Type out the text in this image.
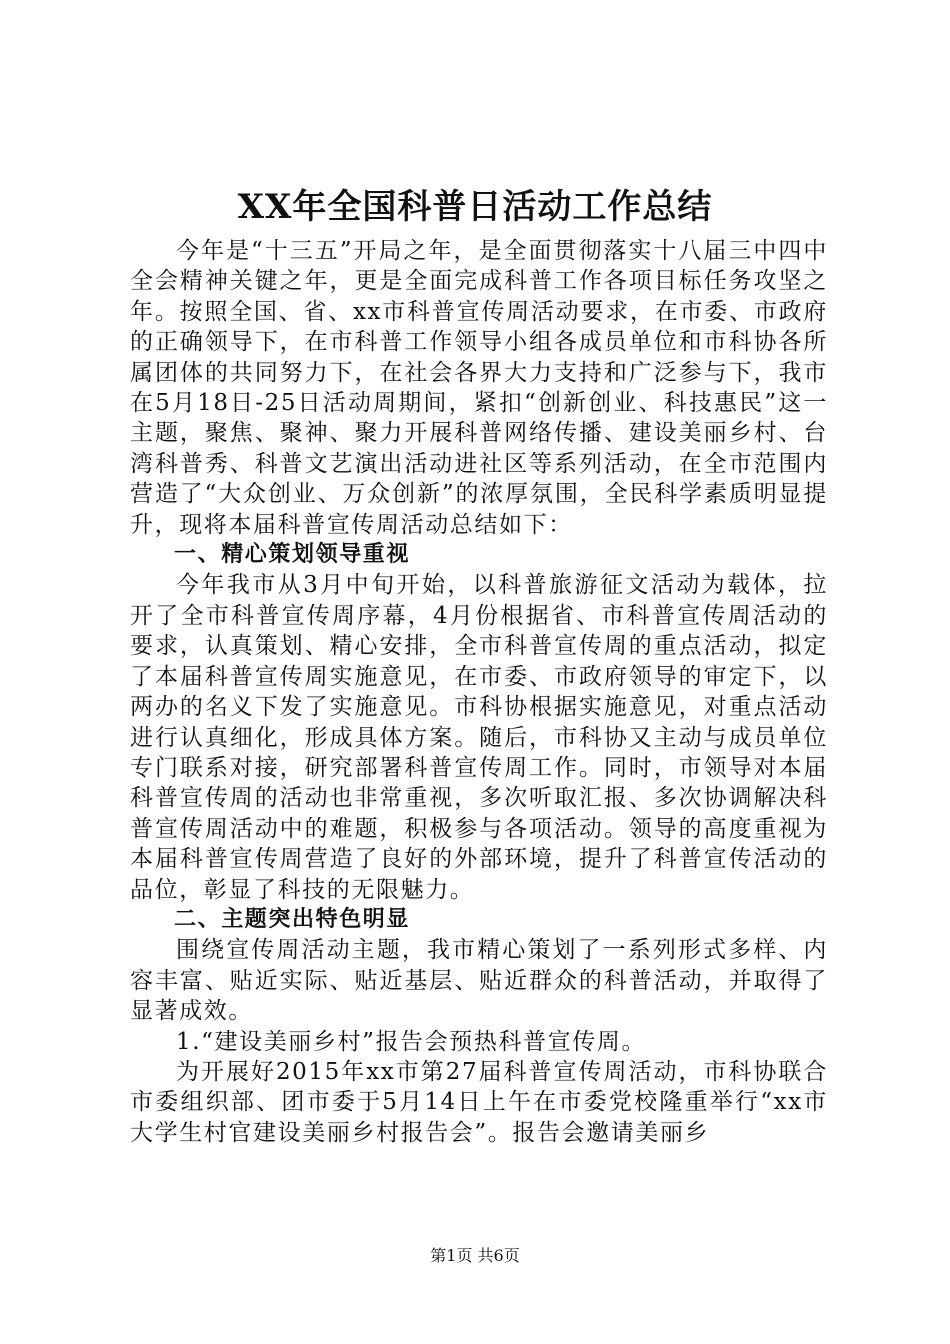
XX年全国科普日活动工作总结

今年是“十三五”开局之年，是全面贯彻落实十八届三中四中全会精神关键之年，更是全面完成科普工作各项目标任务攻坚之年。按照全国、省、xx市科普宣传周活动要求，在市委、市政府的正确领导下，在市科普工作领导小组各成员单位和市科协各所属团体的共同努力下，在社会各界大力支持和广泛参与下，我市在5月18日-25日活动周期间，紧扣“创新创业、科技惠民”这一主题，聚焦、聚神、聚力开展科普网络传播、建设美丽乡村、台湾科普秀、科普文艺演出活动进社区等系列活动，在全市范围内营造了“大众创业、万众创新”的浓厚氛围，全民科学素质明显提升，现将本届科普宣传周活动总结如下：

一、精心策划领导重视

今年我市从3月中旬开始，以科普旅游征文活动为载体，拉开了全市科普宣传周序幕，4月份根据省、市科普宣传周活动的要求，认真策划、精心安排，全市科普宣传周的重点活动，拟定了本届科普宣传周实施意见，在市委、市政府领导的审定下，以两办的名义下发了实施意见。市科协根据实施意见，对重点活动进行认真细化，形成具体方案。随后，市科协又主动与成员单位专门联系对接，研究部署科普宣传周工作。同时，市领导对本届科普宣传周的活动也非常重视，多次听取汇报、多次协调解决科普宣传周活动中的难题，积极参与各项活动。领导的高度重视为本届科普宣传周营造了良好的外部环境，提升了科普宣传活动的品位，彰显了科技的无限魅力。

二、主题突出特色明显

围绕宣传周活动主题，我市精心策划了一系列形式多样、内容丰富、贴近实际、贴近基层、贴近群众的科普活动，并取得了显著成效。

1.“建设美丽乡村”报告会预热科普宣传周。

为开展好2015年xx市第27届科普宣传周活动，市科协联合市委组织部、团市委于5月14日上午在市委党校隆重举行“xx市大学生村官建设美丽乡村报告会”。报告会邀请美丽乡

第1页 共6页
